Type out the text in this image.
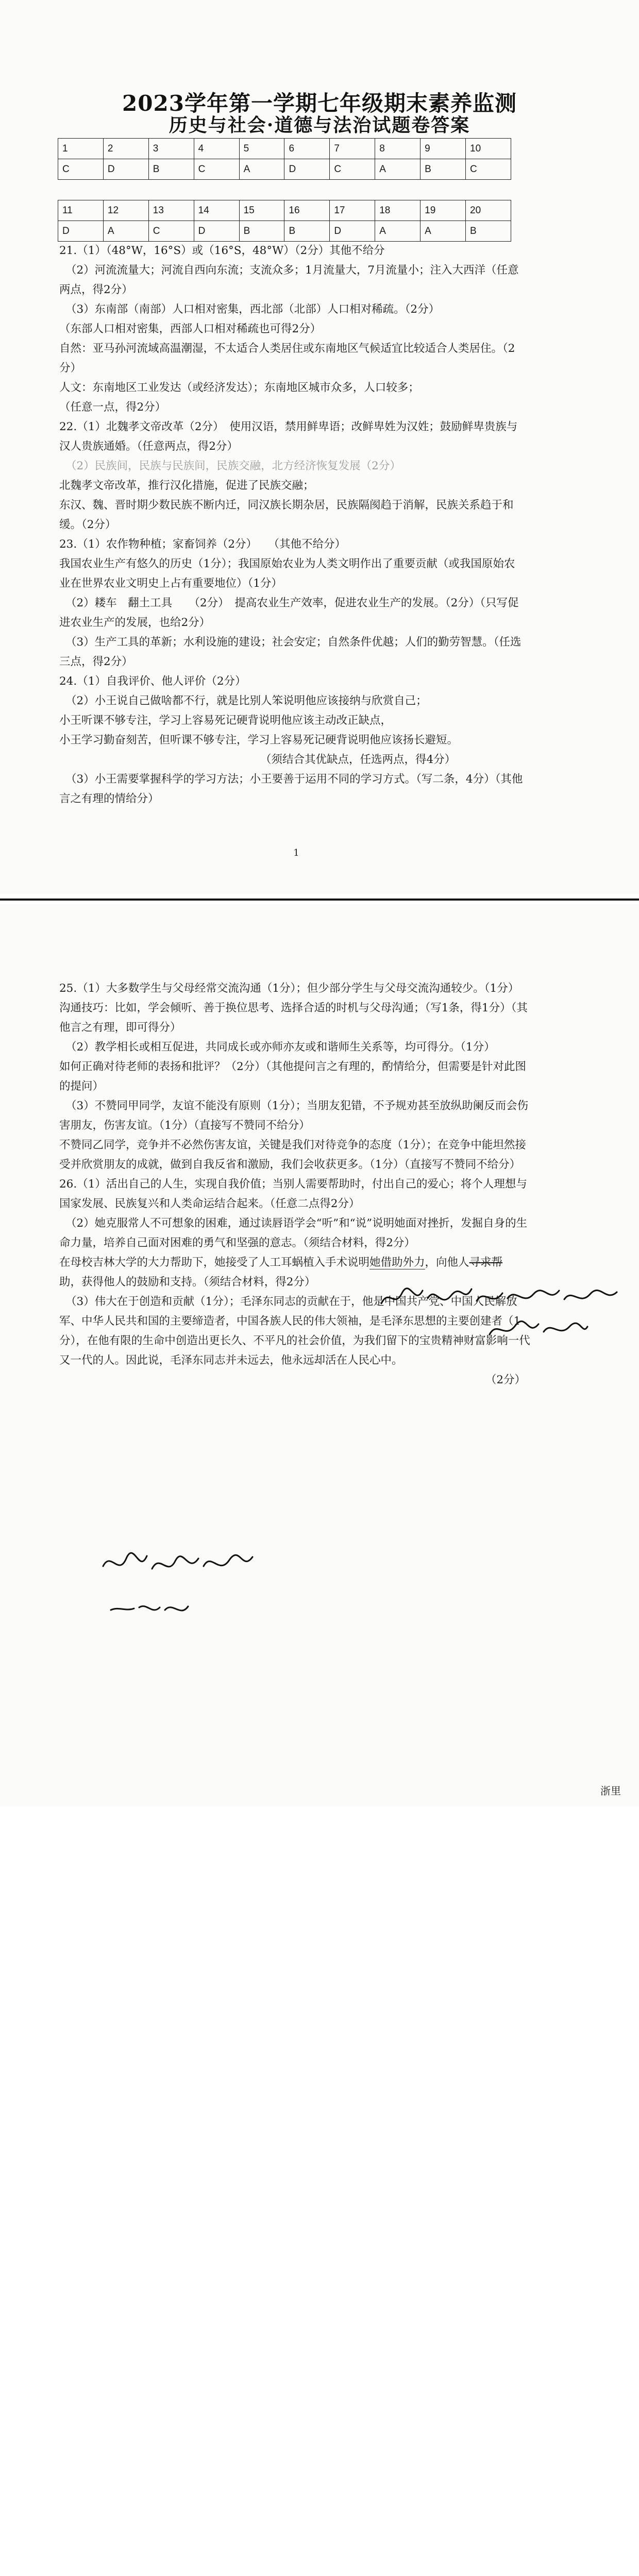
2023学年第一学期七年级期末素养监测
历史与社会·道德与法治试题卷答案
1	2	3	4	5	6	7	8	9	10
C	D	B	C	A	D	C	A	B	C
11	12	13	14	15	16	17	18	19	20
D	A	C	D	B	B	D	A	A	B

21.（1）（48°W，16°S）或（16°S，48°W）（2分）其他不给分

（2）河流流量大；河流自西向东流；支流众多；1月流量大，7月流量小；注入大西洋（任意两点，得2分）

（3）东南部（南部）人口相对密集，西北部（北部）人口相对稀疏。（2分）

（东部人口相对密集，西部人口相对稀疏也可得2分）

自然：亚马孙河流域高温潮湿，不太适合人类居住或东南地区气候适宜比较适合人类居住。（2分）

人文：东南地区工业发达（或经济发达）；东南地区城市众多，人口较多；

（任意一点，得2分）

22.（1）北魏孝文帝改革（2分）　使用汉语，禁用鲜卑语；改鲜卑姓为汉姓；鼓励鲜卑贵族与汉人贵族通婚。（任意两点，得2分）

（2）民族间，民族与民族间，民族交融，北方经济恢复发展（2分）

北魏孝文帝改革，推行汉化措施，促进了民族交融；

东汉、魏、晋时期少数民族不断内迁，同汉族长期杂居，民族隔阂趋于消解，民族关系趋于和缓。（2分）

23.（1）农作物种植；家畜饲养（2分）　　（其他不给分）

我国农业生产有悠久的历史（1分）；我国原始农业为人类文明作出了重要贡献（或我国原始农业在世界农业文明史上占有重要地位）（1分）

（2）耧车　翻土工具　　（2分）　提高农业生产效率，促进农业生产的发展。（2分）（只写促进农业生产的发展，也给2分）

（3）生产工具的革新；水利设施的建设；社会安定；自然条件优越；人们的勤劳智慧。（任选三点，得2分）

24.（1）自我评价、他人评价（2分）

（2）小王说自己做啥都不行，就是比别人笨说明他应该接纳与欣赏自己；

小王听课不够专注，学习上容易死记硬背说明他应该主动改正缺点，

小王学习勤奋刻苦，但听课不够专注，学习上容易死记硬背说明他应该扬长避短。

（须结合其优缺点，任选两点，得4分）

（3）小王需要掌握科学的学习方法；小王要善于运用不同的学习方式。（写二条，4分）（其他言之有理的情给分）

1

25.（1）大多数学生与父母经常交流沟通（1分）；但少部分学生与父母交流沟通较少。（1分）

沟通技巧：比如，学会倾听、善于换位思考、选择合适的时机与父母沟通；（写1条，得1分）（其他言之有理，即可得分）

（2）教学相长或相互促进，共同成长或亦师亦友或和谐师生关系等，均可得分。（1分）

如何正确对待老师的表扬和批评？（2分）（其他提问言之有理的，酌情给分，但需要是针对此图的提问）

（3）不赞同甲同学，友谊不能没有原则（1分）；当朋友犯错，不予规劝甚至放纵助阑反而会伤害朋友，伤害友谊。（1分）（直接写不赞同不给分）

不赞同乙同学，竞争并不必然伤害友谊，关键是我们对待竞争的态度（1分）；在竞争中能坦然接受并欣赏朋友的成就，做到自我反省和激励，我们会收获更多。（1分）（直接写不赞同不给分）

26.（1）活出自己的人生，实现自我价值；当别人需要帮助时，付出自己的爱心；将个人理想与国家发展、民族复兴和人类命运结合起来。（任意二点得2分）

（2）她克服常人不可想象的困难，通过读唇语学会“听”和“说”说明她面对挫折，发掘自身的生命力量，培养自己面对困难的勇气和坚强的意志。（须结合材料，得2分）

在母校吉林大学的大力帮助下，她接受了人工耳蜗植入手术说明她借助外力，向他人寻求帮

助，获得他人的鼓励和支持。（须结合材料，得2分）

（3）伟大在于创造和贡献（1分）；毛泽东同志的贡献在于，他是中国共产党、中国人民解放军、中华人民共和国的主要缔造者，中国各族人民的伟大领袖，是毛泽东思想的主要创建者（1分），在他有限的生命中创造出更长久、不平凡的社会价值，为我们留下的宝贵精神财富影响一代又一代的人。因此说，毛泽东同志并未远去，他永远却活在人民心中。

（2分）

浙里
